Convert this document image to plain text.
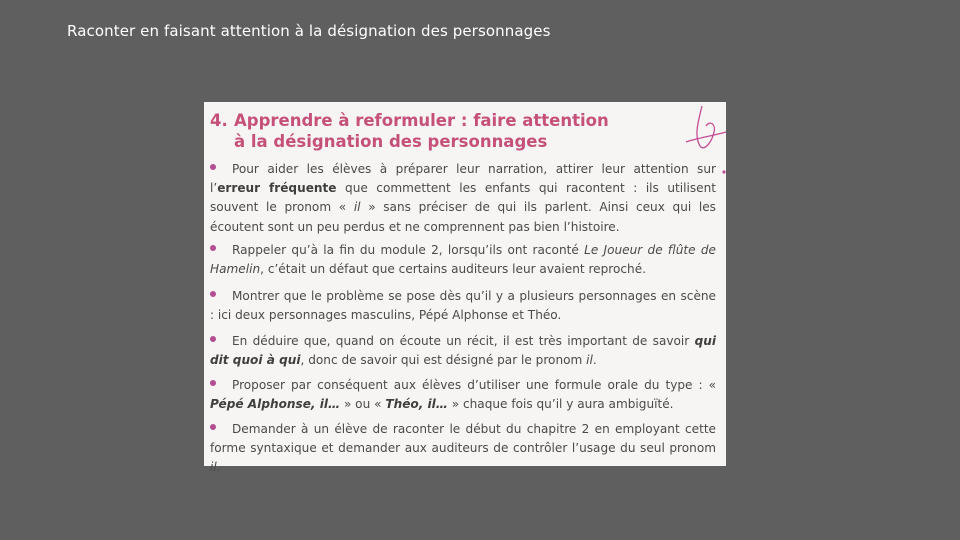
Raconter en faisant attention à la désignation des personnages
4. Apprendre à reformuler : faire attention
à la désignation des personnages
Pour aider les élèves à préparer leur narration, attirer leur attention sur l’erreur fréquente que commettent les enfants qui racontent : ils utilisent souvent le pronom « il » sans préciser de qui ils parlent. Ainsi ceux qui les écoutent sont un peu perdus et ne comprennent pas bien l’histoire.
Rappeler qu’à la fin du module 2, lorsqu’ils ont raconté Le Joueur de flûte de Hamelin, c’était un défaut que certains auditeurs leur avaient reproché.
Montrer que le problème se pose dès qu’il y a plusieurs personnages en scène : ici deux personnages masculins, Pépé Alphonse et Théo.
En déduire que, quand on écoute un récit, il est très important de savoir qui dit quoi à qui, donc de savoir qui est désigné par le pronom il.
Proposer par conséquent aux élèves d’utiliser une formule orale du type : « Pépé Alphonse, il… » ou « Théo, il… » chaque fois qu’il y aura ambiguïté.
Demander à un élève de raconter le début du chapitre 2 en employant cette forme syntaxique et demander aux auditeurs de contrôler l’usage du seul pronom il.
